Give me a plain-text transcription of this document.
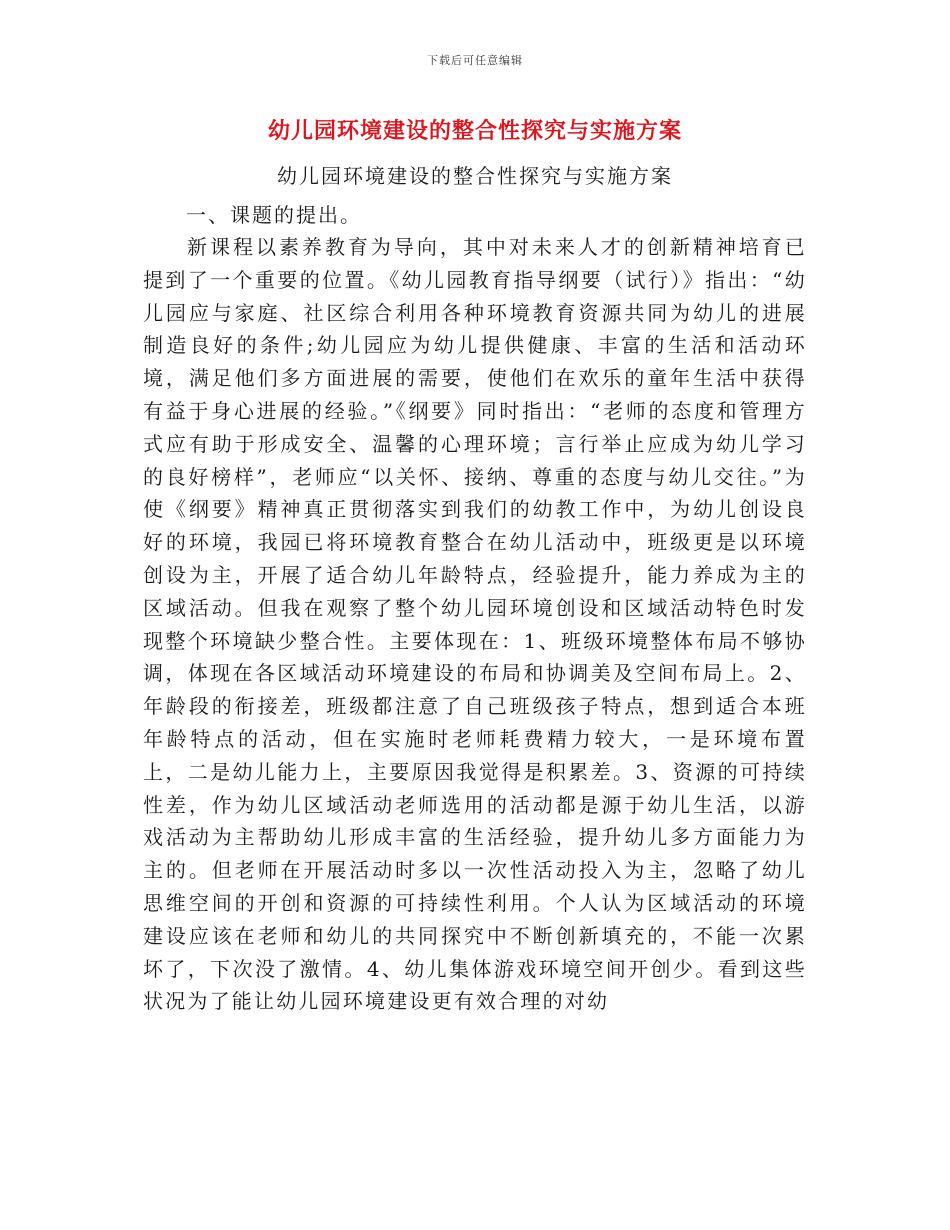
下载后可任意编辑
幼儿园环境建设的整合性探究与实施方案
幼儿园环境建设的整合性探究与实施方案
一、课题的提出。

新课程以素养教育为导向，其中对未来人才的创新精神培育已提到了一个重要的位置。《幼儿园教育指导纲要（试行）》指出：“幼儿园应与家庭、社区综合利用各种环境教育资源共同为幼儿的进展制造良好的条件;幼儿园应为幼儿提供健康、丰富的生活和活动环境，满足他们多方面进展的需要，使他们在欢乐的童年生活中获得有益于身心进展的经验。”《纲要》同时指出：“老师的态度和管理方式应有助于形成安全、温馨的心理环境；言行举止应成为幼儿学习的良好榜样”，老师应“以关怀、接纳、尊重的态度与幼儿交往。”为使《纲要》精神真正贯彻落实到我们的幼教工作中，为幼儿创设良好的环境，我园已将环境教育整合在幼儿活动中，班级更是以环境创设为主，开展了适合幼儿年龄特点，经验提升，能力养成为主的区域活动。但我在观察了整个幼儿园环境创设和区域活动特色时发现整个环境缺少整合性。主要体现在：1、班级环境整体布局不够协调，体现在各区域活动环境建设的布局和协调美及空间布局上。2、年龄段的衔接差，班级都注意了自己班级孩子特点，想到适合本班年龄特点的活动，但在实施时老师耗费精力较大，一是环境布置上，二是幼儿能力上，主要原因我觉得是积累差。3、资源的可持续性差，作为幼儿区域活动老师选用的活动都是源于幼儿生活，以游戏活动为主帮助幼儿形成丰富的生活经验，提升幼儿多方面能力为主的。但老师在开展活动时多以一次性活动投入为主，忽略了幼儿思维空间的开创和资源的可持续性利用。个人认为区域活动的环境建设应该在老师和幼儿的共同探究中不断创新填充的，不能一次累坏了，下次没了激情。4、幼儿集体游戏环境空间开创少。看到这些状况为了能让幼儿园环境建设更有效合理的对幼
